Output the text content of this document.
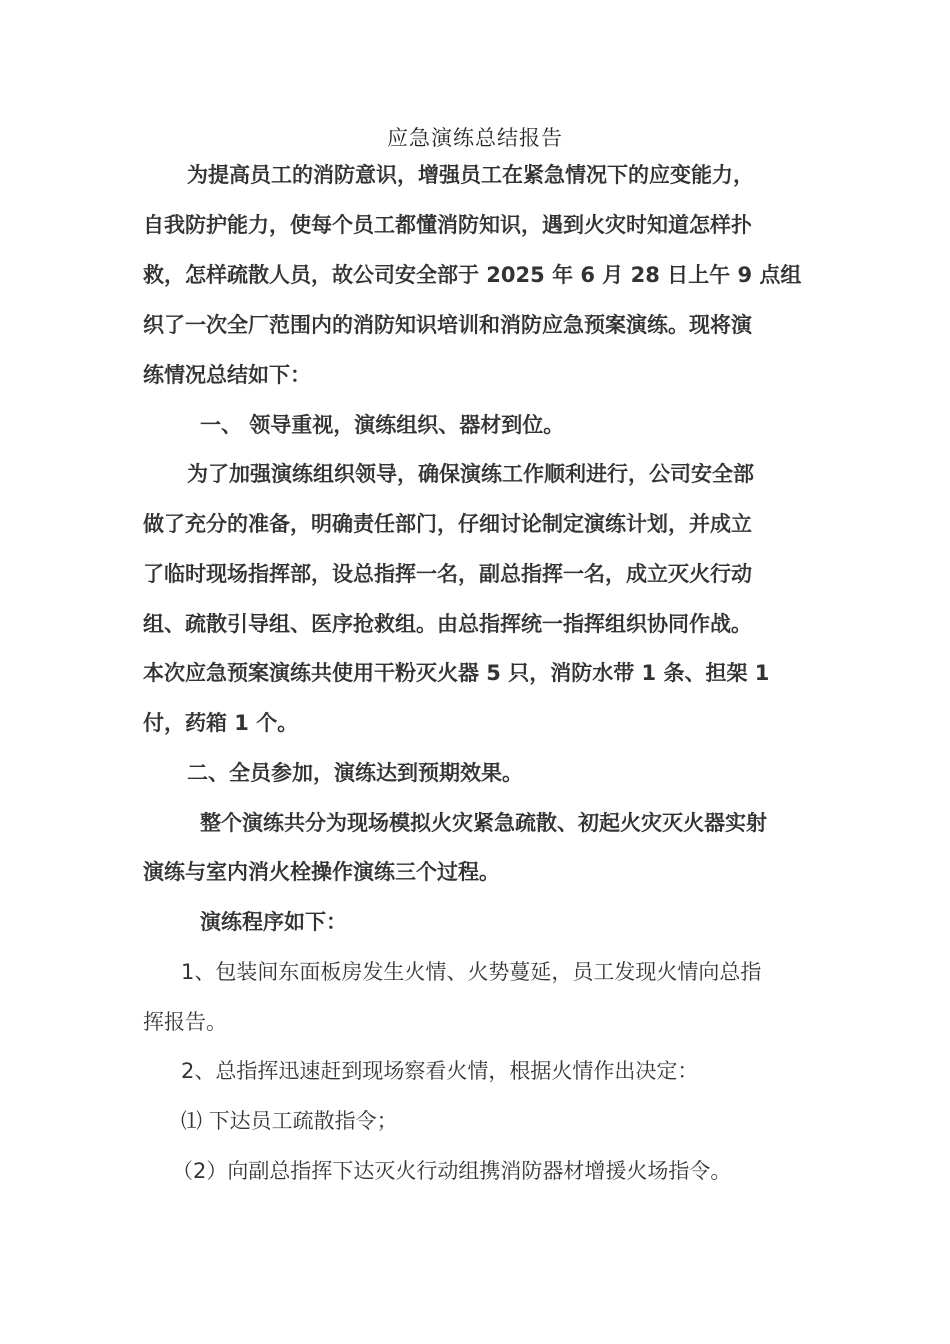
应急演练总结报告
为提高员工的消防意识，增强员工在紧急情况下的应变能力，
自我防护能力，使每个员工都懂消防知识，遇到火灾时知道怎样扑
救，怎样疏散人员，故公司安全部于 2025 年 6 月 28 日上午 9 点组
织了一次全厂范围内的消防知识培训和消防应急预案演练。现将演
练情况总结如下：
一、 领导重视，演练组织、器材到位。
为了加强演练组织领导，确保演练工作顺利进行，公司安全部
做了充分的准备，明确责任部门，仔细讨论制定演练计划，并成立
了临时现场指挥部，设总指挥一名，副总指挥一名，成立灭火行动
组、疏散引导组、医序抢救组。由总指挥统一指挥组织协同作战。
本次应急预案演练共使用干粉灭火器 5 只，消防水带 1 条、担架 1
付，药箱 1 个。
二、全员参加，演练达到预期效果。
整个演练共分为现场模拟火灾紧急疏散、初起火灾灭火器实射
演练与室内消火栓操作演练三个过程。
演练程序如下：
1、包装间东面板房发生火情、火势蔓延，员工发现火情向总指
挥报告。
2、总指挥迅速赶到现场察看火情，根据火情作出决定：
⑴ 下达员工疏散指令；
（2）向副总指挥下达灭火行动组携消防器材增援火场指令。
